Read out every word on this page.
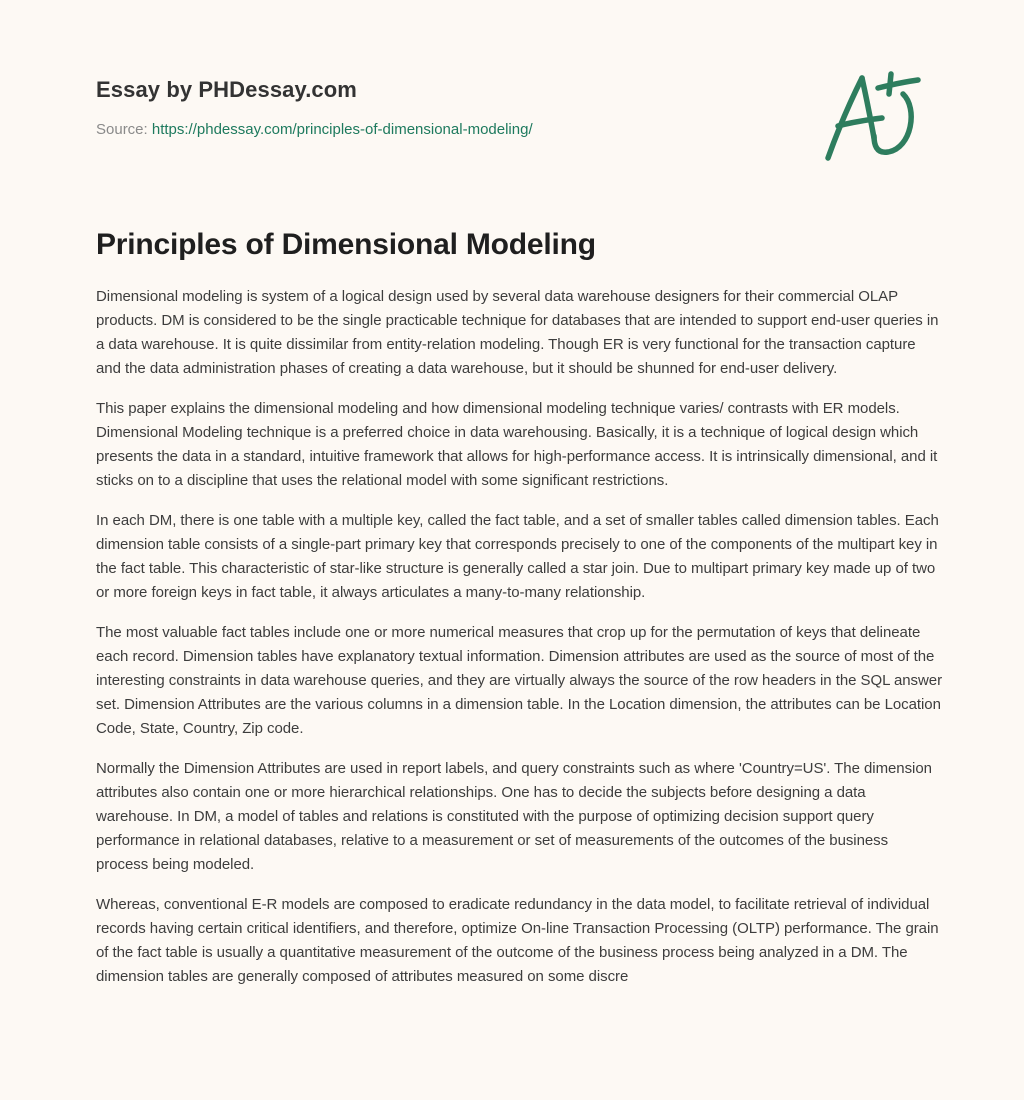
Essay by PHDessay.com
Source: https://phdessay.com/principles-of-dimensional-modeling/
Principles of Dimensional Modeling

Dimensional modeling is system of a logical design used by several data warehouse designers for their commercial OLAP products. DM is considered to be the single practicable technique for databases that are intended to support end-user queries in a data warehouse. It is quite dissimilar from entity-relation modeling. Though ER is very functional for the transaction capture and the data administration phases of creating a data warehouse, but it should be shunned for end-user delivery.

This paper explains the dimensional modeling and how dimensional modeling technique varies/ contrasts with ER models. Dimensional Modeling technique is a preferred choice in data warehousing. Basically, it is a technique of logical design which presents the data in a standard, intuitive framework that allows for high-performance access. It is intrinsically dimensional, and it sticks on to a discipline that uses the relational model with some significant restrictions.

In each DM, there is one table with a multiple key, called the fact table, and a set of smaller tables called dimension tables. Each dimension table consists of a single-part primary key that corresponds precisely to one of the components of the multipart key in the fact table. This characteristic of star-like structure is generally called a star join. Due to multipart primary key made up of two or more foreign keys in fact table, it always articulates a many-to-many relationship.

The most valuable fact tables include one or more numerical measures that crop up for the permutation of keys that delineate each record. Dimension tables have explanatory textual information. Dimension attributes are used as the source of most of the interesting constraints in data warehouse queries, and they are virtually always the source of the row headers in the SQL answer set. Dimension Attributes are the various columns in a dimension table. In the Location dimension, the attributes can be Location Code, State, Country, Zip code.

Normally the Dimension Attributes are used in report labels, and query constraints such as where 'Country=US'. The dimension attributes also contain one or more hierarchical relationships. One has to decide the subjects before designing a data warehouse. In DM, a model of tables and relations is constituted with the purpose of optimizing decision support query performance in relational databases, relative to a measurement or set of measurements of the outcomes of the business process being modeled.

Whereas, conventional E-R models are composed to eradicate redundancy in the data model, to facilitate retrieval of individual records having certain critical identifiers, and therefore, optimize On-line Transaction Processing (OLTP) performance. The grain of the fact table is usually a quantitative measurement of the outcome of the business process being analyzed in a DM. The dimension tables are generally composed of attributes measured on some discre
